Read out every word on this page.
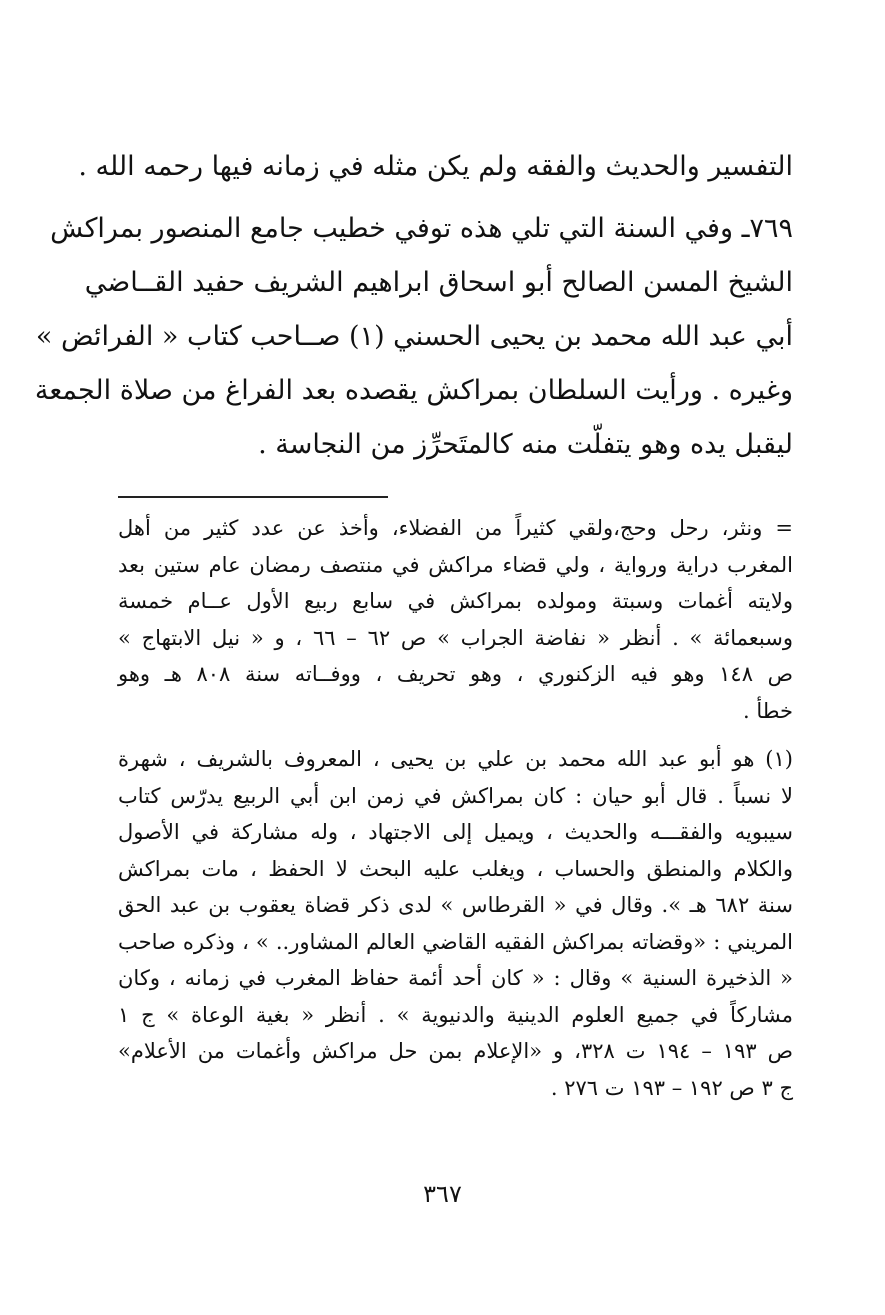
التفسير والحديث والفقه ولم يكن مثله في زمانه فيها رحمه الله .
٧٦٩ـ وفي السنة التي تلي هذه توفي خطيب جامع المنصور بمراكش
الشيخ المسن الصالح أبو اسحاق ابراهيم الشريف حفيد القــاضي
أبي عبد الله محمد بن يحيى الحسني (١) صــاحب كتاب « الفرائض »
وغيره . ورأيت السلطان بمراكش يقصده بعد الفراغ من صلاة الجمعة
ليقبل يده وهو يتفلّت منه كالمتَحرِّز من النجاسة .
= ونثر، رحل وحج،ولقي كثيراً من الفضلاء، وأخذ عن عدد كثير من أهل
المغرب دراية ورواية ، ولي قضاء مراكش في منتصف رمضان عام ستين بعد
ولايته أغمات وسبتة ومولده بمراكش في سابع ربيع الأول عــام خمسة
وسبعمائة » . أنظر « نفاضة الجراب » ص ٦٢ – ٦٦ ، و « نيل الابتهاج »
ص ١٤٨ وهو فيه الزكنوري ، وهو تحريف ، ووفــاته سنة ٨٠٨ هـ وهو
خطأ .
(١) هو أبو عبد الله محمد بن علي بن يحيى ، المعروف بالشريف ، شهرة
لا نسباً . قال أبو حيان : كان بمراكش في زمن ابن أبي الربيع يدرّس كتاب
سيبويه والفقـــه والحديث ، ويميل إلى الاجتهاد ، وله مشاركة في الأصول
والكلام والمنطق والحساب ، ويغلب عليه البحث لا الحفظ ، مات بمراكش
سنة ٦٨٢ هـ ». وقال في « القرطاس » لدى ذكر قضاة يعقوب بن عبد الحق
المريني : «وقضاته بمراكش الفقيه القاضي العالم المشاور.. » ، وذكره صاحب
« الذخيرة السنية » وقال : « كان أحد أئمة حفاظ المغرب في زمانه ، وكان
مشاركاً في جميع العلوم الدينية والدنيوية » . أنظر « بغية الوعاة » ج ١
ص ١٩٣ – ١٩٤ ت ٣٢٨، و «الإعلام بمن حل مراكش وأغمات من الأعلام»
ج ٣ ص ١٩٢ – ١٩٣ ت ٢٧٦ .
٣٦٧
